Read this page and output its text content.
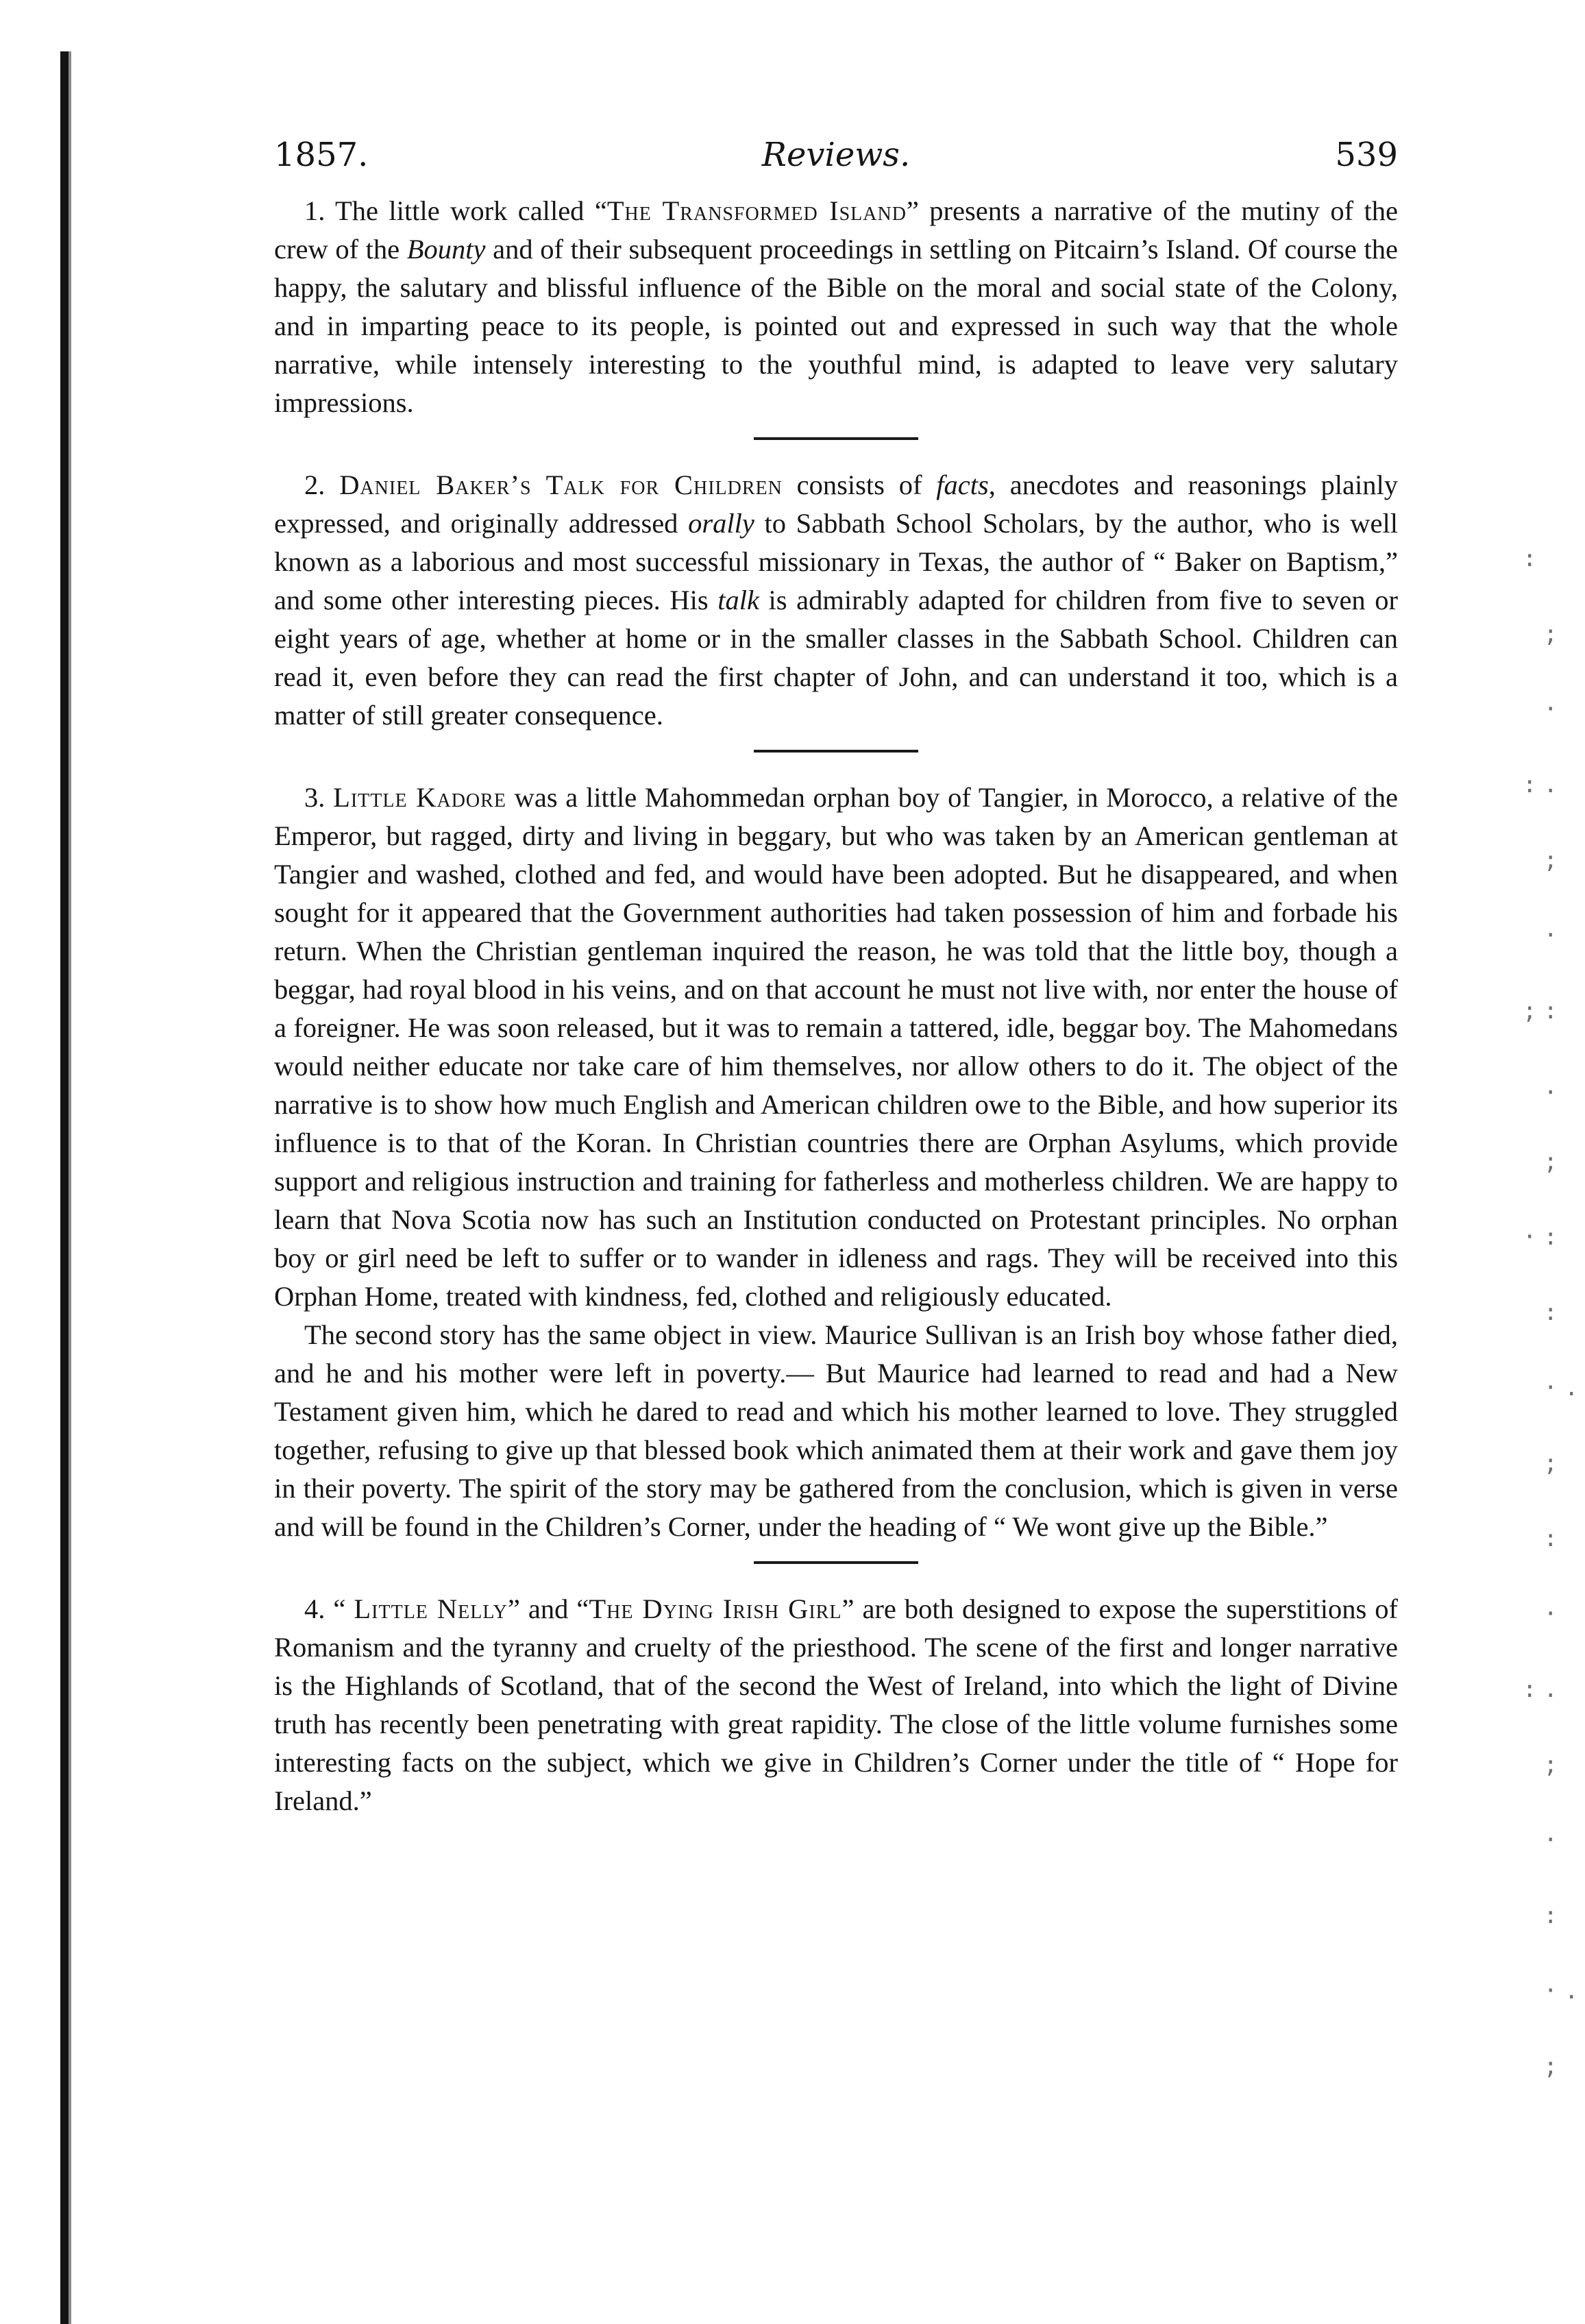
:
;
·
:.
;
·
;:
.
;
·:
:
·.
;
:
·
:.
;
·
:
·.
;
1857.	Reviews.	539

1. The little work called “The Transformed Island” presents a narrative of the mutiny of the crew of the Bounty and of their subsequent proceedings in settling on Pitcairn’s Island. Of course the happy, the salutary and blissful influence of the Bible on the moral and social state of the Colony, and in imparting peace to its people, is pointed out and expressed in such way that the whole narrative, while intensely interesting to the youthful mind, is adapted to leave very salutary impressions.

2. Daniel Baker’s Talk for Children consists of facts, anecdotes and reasonings plainly expressed, and originally addressed orally to Sabbath School Scholars, by the author, who is well known as a laborious and most successful missionary in Texas, the author of “ Baker on Baptism,” and some other interesting pieces. His talk is admirably adapted for children from five to seven or eight years of age, whether at home or in the smaller classes in the Sabbath School. Children can read it, even before they can read the first chapter of John, and can understand it too, which is a matter of still greater consequence.

3. Little Kadore was a little Mahommedan orphan boy of Tangier, in Morocco, a relative of the Emperor, but ragged, dirty and living in beggary, but who was taken by an American gentleman at Tangier and washed, clothed and fed, and would have been adopted. But he disappeared, and when sought for it appeared that the Government authorities had taken possession of him and forbade his return. When the Christian gentleman inquired the reason, he was told that the little boy, though a beggar, had royal blood in his veins, and on that account he must not live with, nor enter the house of a foreigner. He was soon released, but it was to remain a tattered, idle, beggar boy. The Mahomedans would neither educate nor take care of him themselves, nor allow others to do it. The object of the narrative is to show how much English and American children owe to the Bible, and how superior its influence is to that of the Koran. In Christian countries there are Orphan Asylums, which provide support and religious instruction and training for fatherless and motherless children. We are happy to learn that Nova Scotia now has such an Institution conducted on Protestant principles. No orphan boy or girl need be left to suffer or to wander in idleness and rags. They will be received into this Orphan Home, treated with kindness, fed, clothed and religiously educated.

The second story has the same object in view. Maurice Sullivan is an Irish boy whose father died, and he and his mother were left in poverty.— But Maurice had learned to read and had a New Testament given him, which he dared to read and which his mother learned to love. They struggled together, refusing to give up that blessed book which animated them at their work and gave them joy in their poverty. The spirit of the story may be gathered from the conclusion, which is given in verse and will be found in the Children’s Corner, under the heading of “ We wont give up the Bible.”

4. “ Little Nelly” and “The Dying Irish Girl” are both designed to expose the superstitions of Romanism and the tyranny and cruelty of the priesthood. The scene of the first and longer narrative is the Highlands of Scotland, that of the second the West of Ireland, into which the light of Divine truth has recently been penetrating with great rapidity. The close of the little volume furnishes some interesting facts on the subject, which we give in Children’s Corner under the title of “ Hope for Ireland.”
